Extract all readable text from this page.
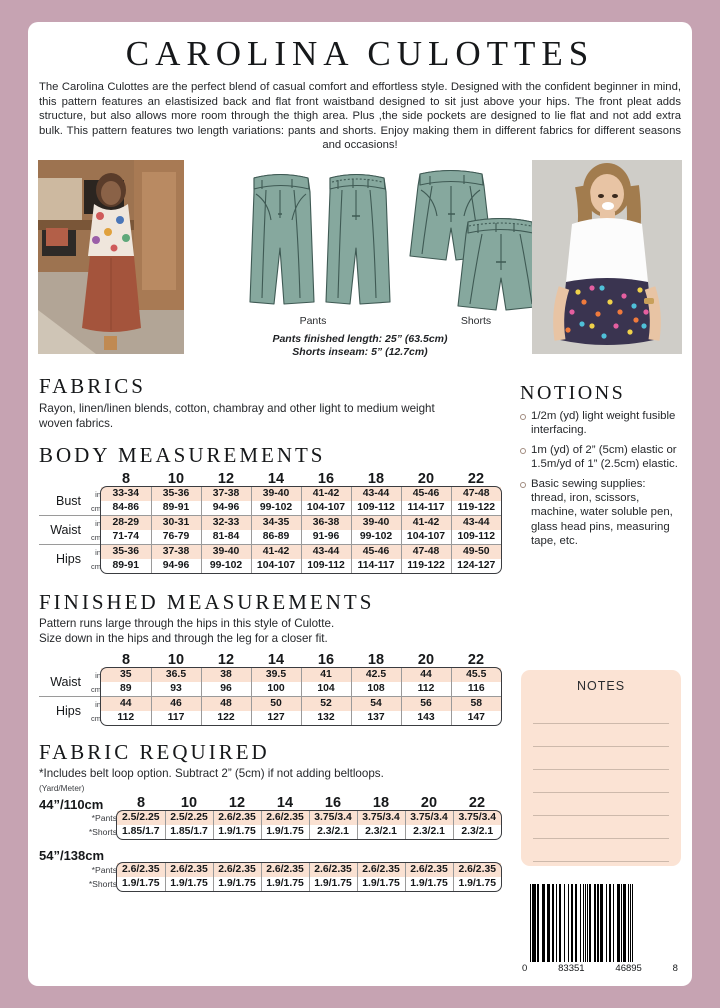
CAROLINA CULOTTES
The Carolina Culottes are the perfect blend of casual comfort and effortless style. Designed with the confident beginner in mind, this pattern features an elastisized back and flat front waistband designed to sit just above your hips. The front pleat adds structure, but also allows more room through the thigh area. Plus ,the side pockets are designed to lie flat and not add extra bulk. This pattern features two length variations: pants and shorts. Enjoy making them in different fabrics for different seasons and occasions!
Pants	Shorts
Pants finished length: 25” (63.5cm)
Shorts inseam: 5” (12.7cm)
FABRICS
Rayon, linen/linen blends, cotton, chambray and other light to medium weight woven fabrics.
BODY MEASUREMENTS
		8	10	12	14	16	18	20	22
Bust	in	33-34	35-36	37-38	39-40	41-42	43-44	45-46	47-48
	cm	84-86	89-91	94-96	99-102	104-107	109-112	114-117	119-122
Waist	in	28-29	30-31	32-33	34-35	36-38	39-40	41-42	43-44
	cm	71-74	76-79	81-84	86-89	91-96	99-102	104-107	109-112
Hips	in	35-36	37-38	39-40	41-42	43-44	45-46	47-48	49-50
	cm	89-91	94-96	99-102	104-107	109-112	114-117	119-122	124-127
FINISHED MEASUREMENTS
Pattern runs large through the hips in this style of Culotte.
Size down in the hips and through the leg for a closer fit.
		8	10	12	14	16	18	20	22
Waist	in	35	36.5	38	39.5	41	42.5	44	45.5
	cm	89	93	96	100	104	108	112	116
Hips	in	44	46	48	50	52	54	56	58
	cm	112	117	122	127	132	137	143	147
FABRIC REQUIRED
*Includes belt loop option. Subtract 2” (5cm) if not adding beltloops.
(Yard/Meter)
44”/110cm
	8	10	12	14	16	18	20	22
*Pants	2.5/2.25	2.5/2.25	2.6/2.35	2.6/2.35	3.75/3.4	3.75/3.4	3.75/3.4	3.75/3.4
*Shorts	1.85/1.7	1.85/1.7	1.9/1.75	1.9/1.75	2.3/2.1	2.3/2.1	2.3/2.1	2.3/2.1
54”/138cm
*Pants	2.6/2.35	2.6/2.35	2.6/2.35	2.6/2.35	2.6/2.35	2.6/2.35	2.6/2.35	2.6/2.35
*Shorts	1.9/1.75	1.9/1.75	1.9/1.75	1.9/1.75	1.9/1.75	1.9/1.75	1.9/1.75	1.9/1.75
NOTIONS
1/2m (yd) light weight fusible interfacing.
1m (yd) of 2” (5cm) elastic or 1.5m/yd of 1” (2.5cm) elastic.
Basic sewing supplies: thread, iron, scissors, machine, water soluble pen, glass head pins, measuring tape, etc.
NOTES
0	83351	46895	8
